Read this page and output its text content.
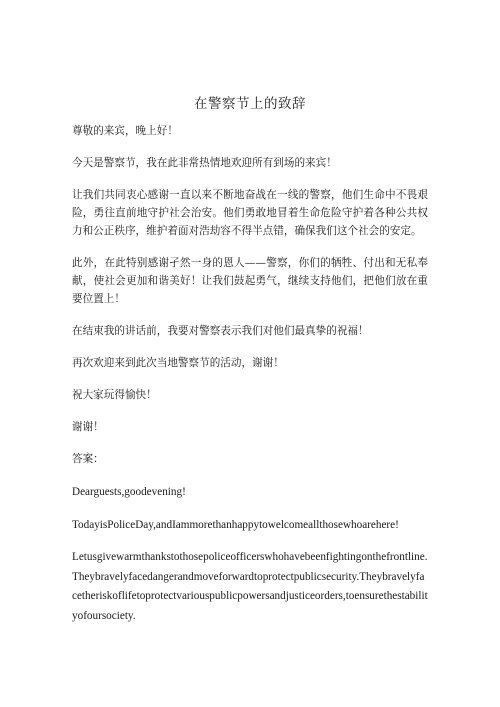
在警察节上的致辞

尊敬的来宾，晚上好！

今天是警察节，我在此非常热情地欢迎所有到场的来宾！

让我们共同衷心感谢一直以来不断地奋战在一线的警察，他们生命中不畏艰险，勇往直前地守护社会治安。他们勇敢地冒着生命危险守护着各种公共权力和公正秩序，维护着面对浩劫容不得半点错，确保我们这个社会的安定。

此外，在此特别感谢孑然一身的恩人——警察，你们的牺牲、付出和无私奉献，使社会更加和谐美好！让我们鼓起勇气，继续支持他们，把他们放在重要位置上！

在结束我的讲话前，我要对警察表示我们对他们最真挚的祝福！

再次欢迎来到此次当地警察节的活动，谢谢！

祝大家玩得愉快！

谢谢！

答案：

Dearguests,goodevening!

TodayisPoliceDay,andIammorethanhappytowelcomeallthosewhoarehere!

Letusgivewarmthankstothosepoliceofficerswhohavebeenfightingonthefrontline.Theybravelyfacedangerandmoveforwardtoprotectpublicsecurity.Theybravelyfacetheriskoflifetoprotectvariouspublicpowersandjusticeorders,toensurethestabilityofoursociety.
